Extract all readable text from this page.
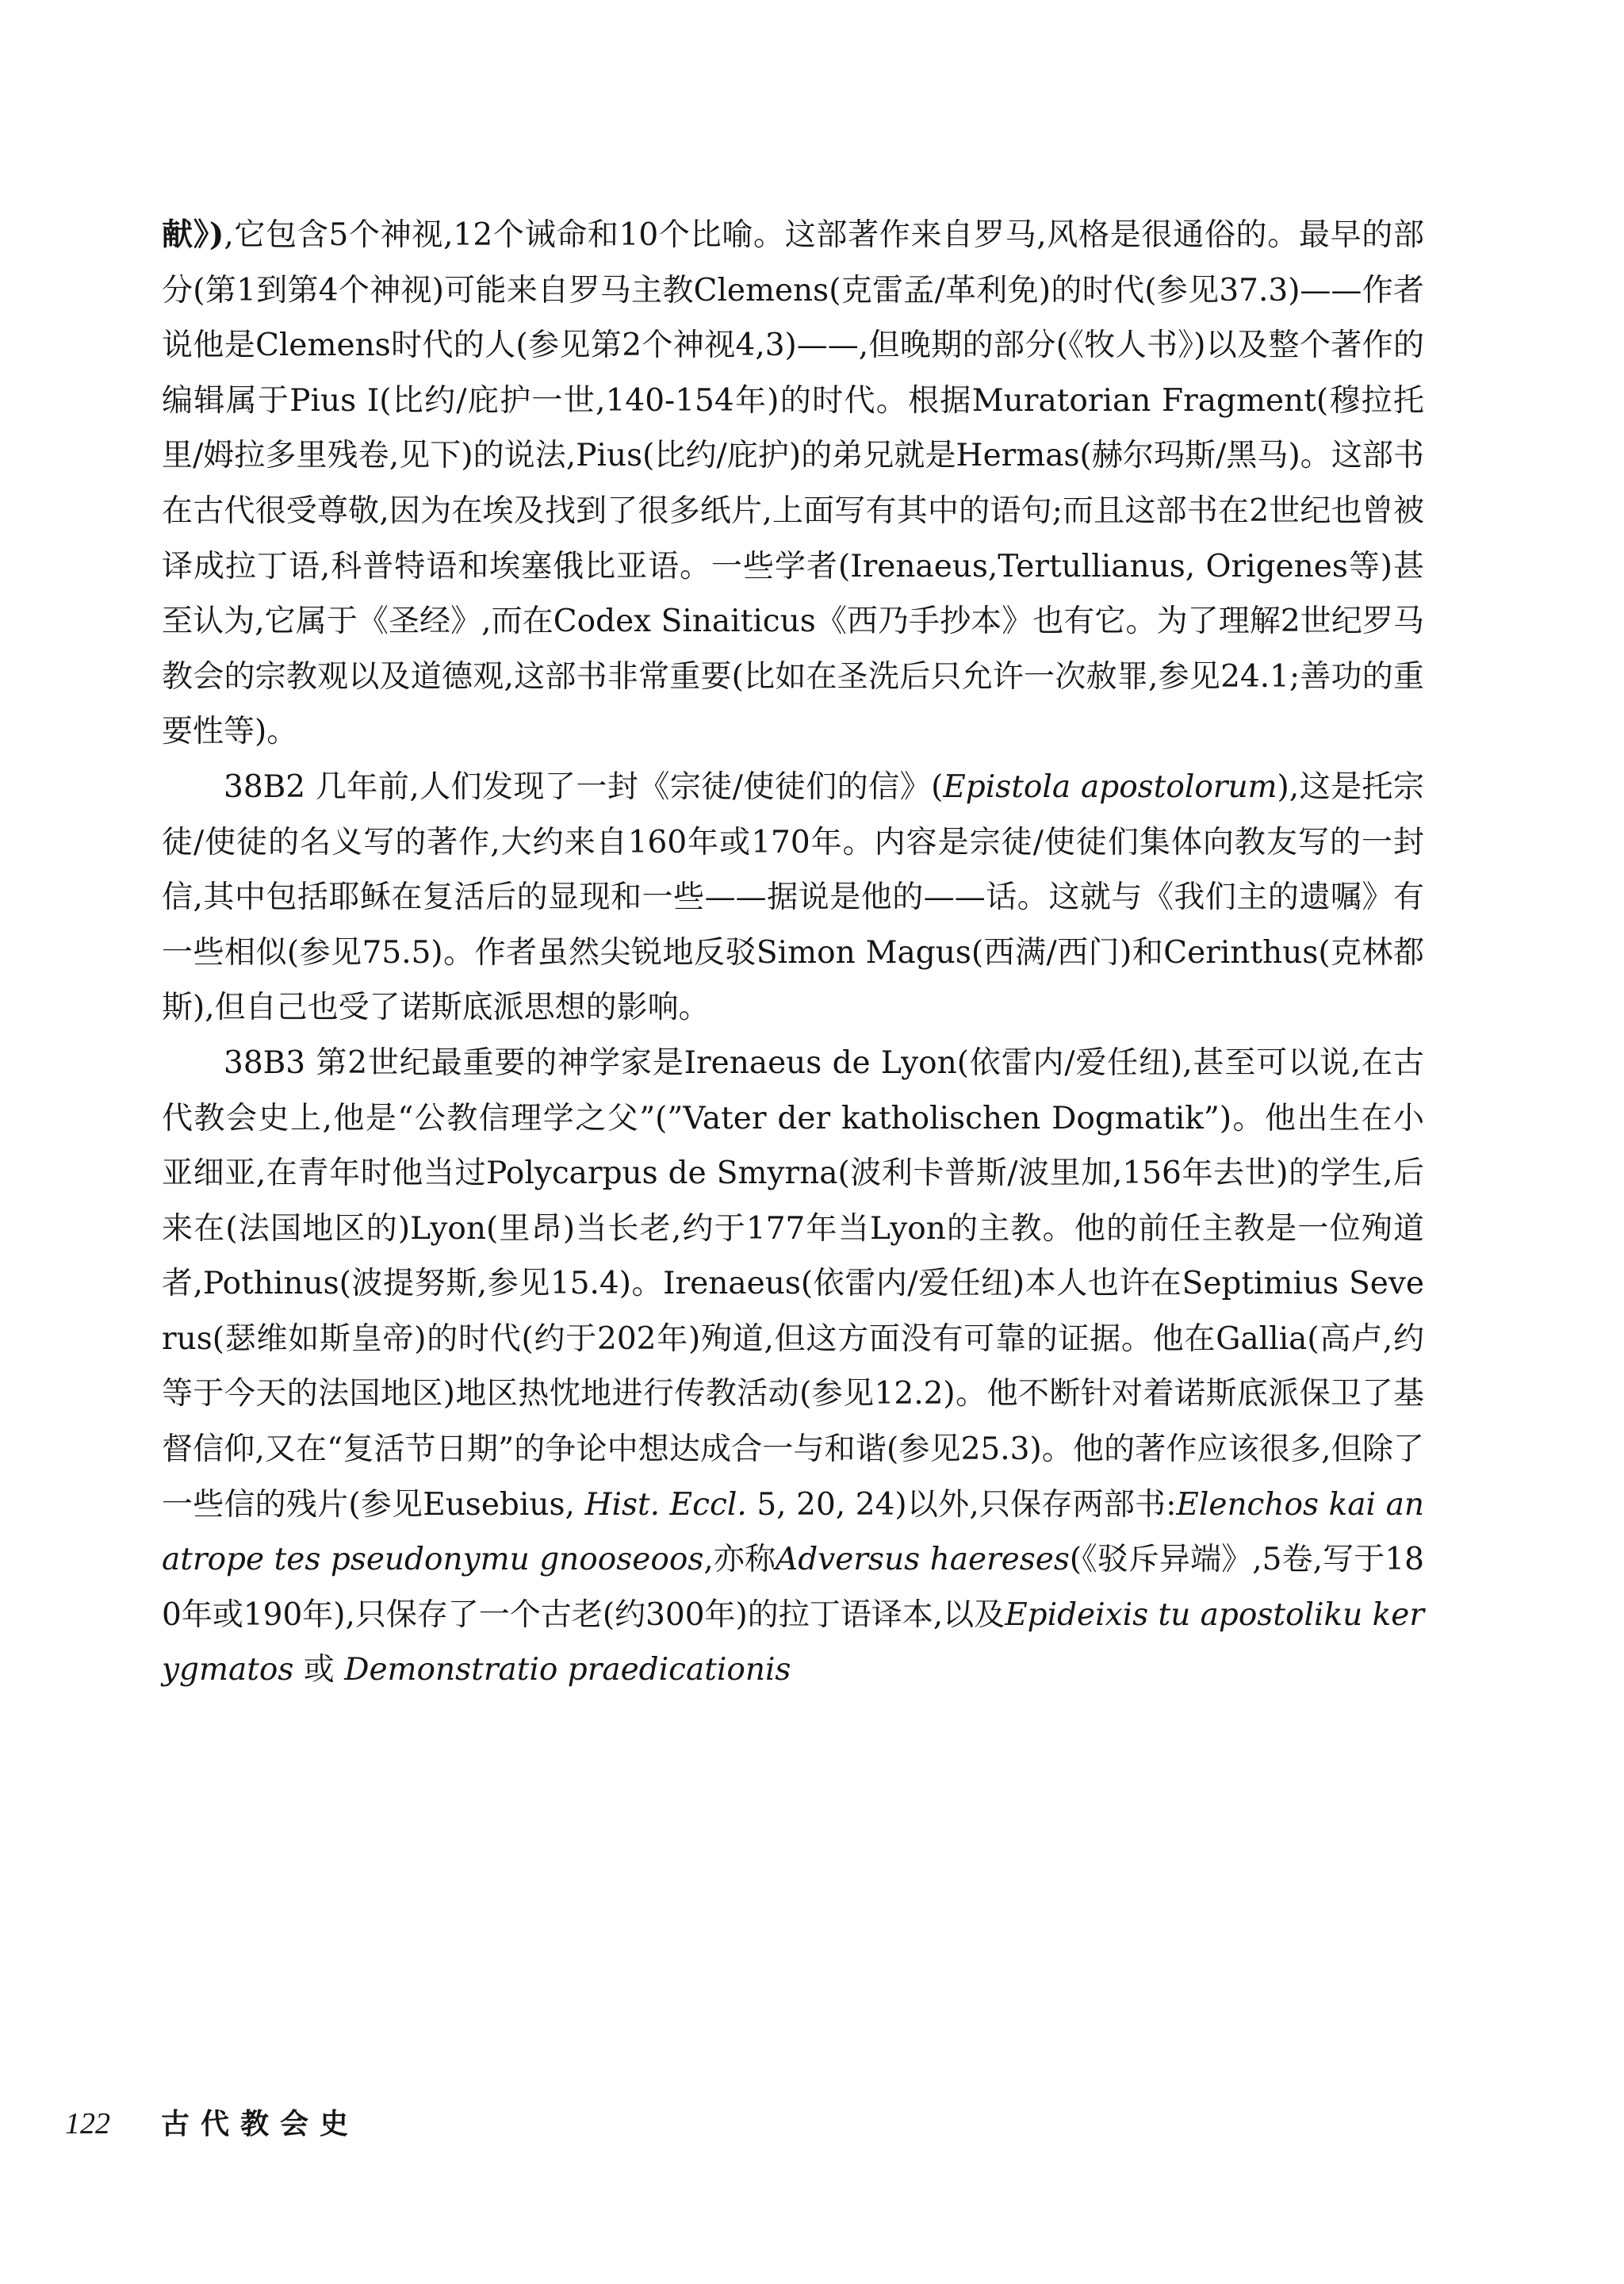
献》),它包含5个神视,12个诫命和10个比喻。这部著作来自罗马,风格是很通俗的。最早的部分(第1到第4个神视)可能来自罗马主教Clemens(克雷孟/革利免)的时代(参见37.3)——作者说他是Clemens时代的人(参见第2个神视4,3)——,但晚期的部分(《牧人书》)以及整个著作的编辑属于Pius I(比约/庇护一世,140-154年)的时代。根据Muratorian Fragment(穆拉托里/姆拉多里残卷,见下)的说法,Pius(比约/庇护)的弟兄就是Hermas(赫尔玛斯/黑马)。这部书在古代很受尊敬,因为在埃及找到了很多纸片,上面写有其中的语句;而且这部书在2世纪也曾被译成拉丁语,科普特语和埃塞俄比亚语。一些学者(Irenaeus,Tertullianus, Origenes等)甚至认为,它属于《圣经》,而在Codex Sinaiticus《西乃手抄本》也有它。为了理解2世纪罗马教会的宗教观以及道德观,这部书非常重要(比如在圣洗后只允许一次赦罪,参见24.1;善功的重要性等)。

38B2 几年前,人们发现了一封《宗徒/使徒们的信》(Epistola apostolorum),这是托宗徒/使徒的名义写的著作,大约来自160年或170年。内容是宗徒/使徒们集体向教友写的一封信,其中包括耶稣在复活后的显现和一些——据说是他的——话。这就与《我们主的遗嘱》有一些相似(参见75.5)。作者虽然尖锐地反驳Simon Magus(西满/西门)和Cerinthus(克林都斯),但自己也受了诺斯底派思想的影响。

38B3 第2世纪最重要的神学家是Irenaeus de Lyon(依雷内/爱任纽),甚至可以说,在古代教会史上,他是“公教信理学之父”(”Vater der katholischen Dogmatik”)。他出生在小亚细亚,在青年时他当过Polycarpus de Smyrna(波利卡普斯/波里加,156年去世)的学生,后来在(法国地区的)Lyon(里昂)当长老,约于177年当Lyon的主教。他的前任主教是一位殉道者,Pothinus(波提努斯,参见15.4)。Irenaeus(依雷内/爱任纽)本人也许在Septimius Severus(瑟维如斯皇帝)的时代(约于202年)殉道,但这方面没有可靠的证据。他在Gallia(高卢,约等于今天的法国地区)地区热忱地进行传教活动(参见12.2)。他不断针对着诺斯底派保卫了基督信仰,又在“复活节日期”的争论中想达成合一与和谐(参见25.3)。他的著作应该很多,但除了一些信的残片(参见Eusebius, Hist. Eccl. 5, 20, 24)以外,只保存两部书:Elenchos kai anatrope tes pseudonymu gnooseoos,亦称Adversus haereses(《驳斥异端》,5卷,写于180年或190年),只保存了一个古老(约300年)的拉丁语译本,以及Epideixis tu apostoliku kerygmatos 或 Demonstratio praedicationis

122 古代教会史
